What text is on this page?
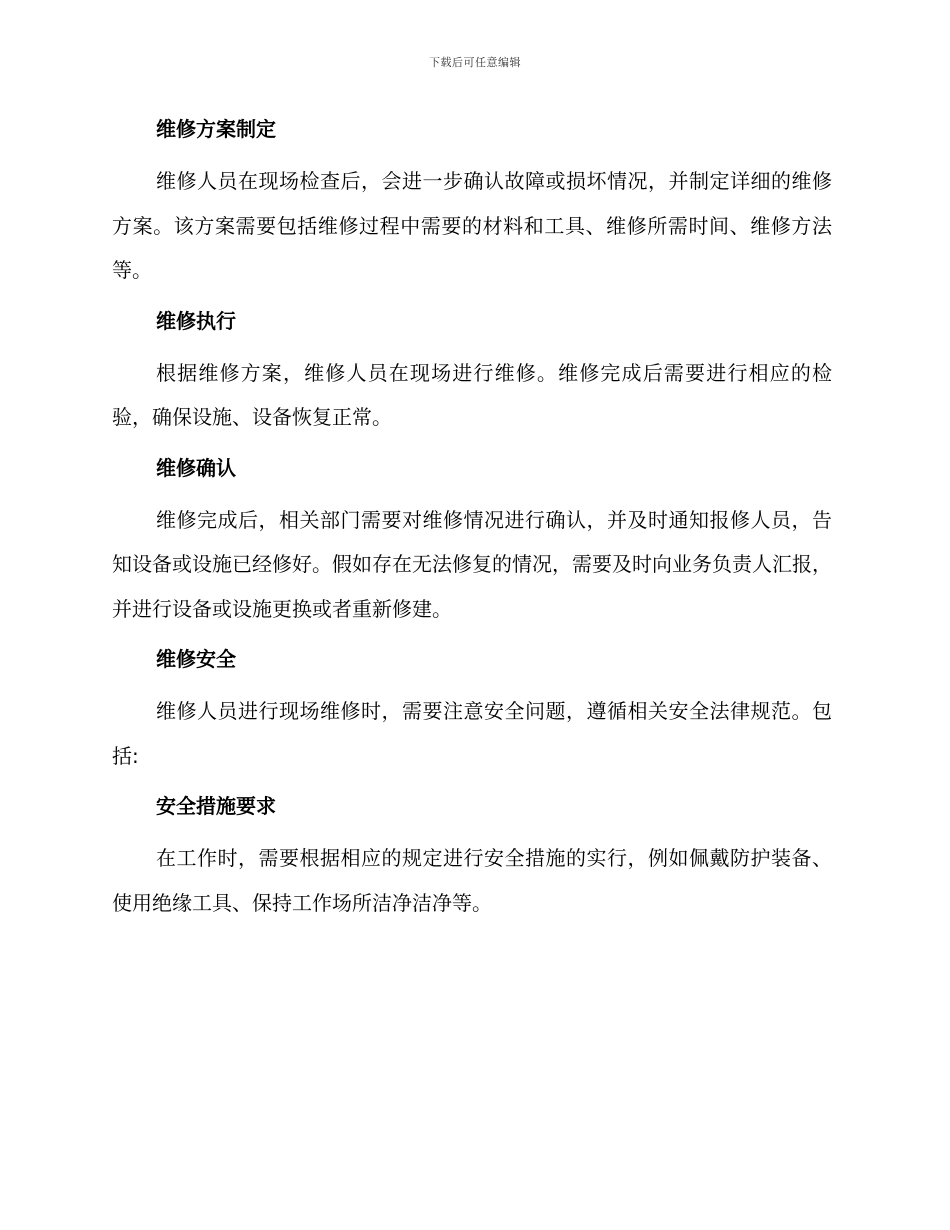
下载后可任意编辑
维修方案制定

维修人员在现场检查后，会进一步确认故障或损坏情况，并制定详细的维修方案。该方案需要包括维修过程中需要的材料和工具、维修所需时间、维修方法等。

维修执行

根据维修方案，维修人员在现场进行维修。维修完成后需要进行相应的检验，确保设施、设备恢复正常。

维修确认

维修完成后，相关部门需要对维修情况进行确认，并及时通知报修人员，告知设备或设施已经修好。假如存在无法修复的情况，需要及时向业务负责人汇报，并进行设备或设施更换或者重新修建。

维修安全

维修人员进行现场维修时，需要注意安全问题，遵循相关安全法律规范。包括:

安全措施要求

在工作时，需要根据相应的规定进行安全措施的实行，例如佩戴防护装备、使用绝缘工具、保持工作场所洁净洁净等。
